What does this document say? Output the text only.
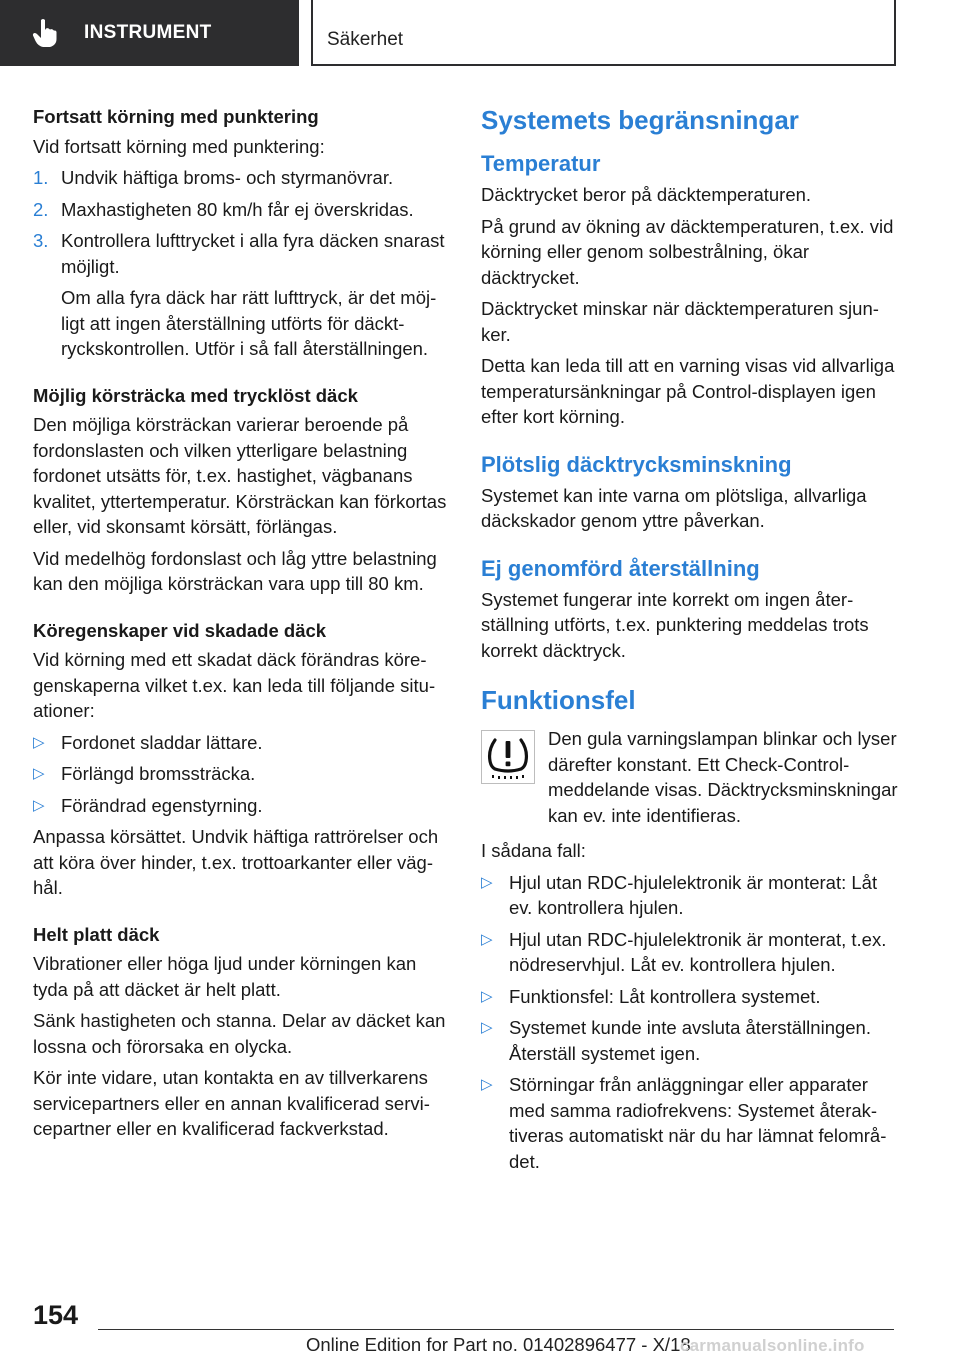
INSTRUMENT	Säkerhet
Fortsatt körning med punktering

Vid fortsatt körning med punktering:

1. Undvik häftiga broms- och styrmanövrar.
2. Maxhastigheten 80 km/h får ej överskridas.
3. Kontrollera lufttrycket i alla fyra däcken snarast möjligt.
Om alla fyra däck har rätt lufttryck, är det möjligt att ingen återställning utförts för däcktryckskontrollen. Utför i så fall återställningen.
Möjlig körsträcka med trycklöst däck

Den möjliga körsträckan varierar beroende på fordonslasten och vilken ytterligare belastning fordonet utsätts för, t.ex. hastighet, vägbanans kvalitet, yttertemperatur. Körsträckan kan förkortas eller, vid skonsamt körsätt, förlängas.

Vid medelhög fordonslast och låg yttre belastning kan den möjliga körsträckan vara upp till 80 km.

Köregenskaper vid skadade däck

Vid körning med ett skadat däck förändras köregenskaperna vilket t.ex. kan leda till följande situationer:

▷ Fordonet sladdar lättare.
▷ Förlängd bromssträcka.
▷ Förändrad egenstyrning.

Anpassa körsättet. Undvik häftiga rattrörelser och att köra över hinder, t.ex. trottoarkanter eller väghål.

Helt platt däck

Vibrationer eller höga ljud under körningen kan tyda på att däcket är helt platt.

Sänk hastigheten och stanna. Delar av däcket kan lossna och förorsaka en olycka.

Kör inte vidare, utan kontakta en av tillverkarens servicepartners eller en annan kvalificerad servicepartner eller en kvalificerad fackverkstad.

Systemets begränsningar
Temperatur

Däcktrycket beror på däcktemperaturen.

På grund av ökning av däcktemperaturen, t.ex. vid körning eller genom solbestrålning, ökar däcktrycket.

Däcktrycket minskar när däcktemperaturen sjunker.

Detta kan leda till att en varning visas vid allvarliga temperatursänkningar på Control-displayen igen efter kort körning.

Plötslig däcktrycksminskning

Systemet kan inte varna om plötsliga, allvarliga däckskador genom yttre påverkan.

Ej genomförd återställning

Systemet fungerar inte korrekt om ingen återställning utförts, t.ex. punktering meddelas trots korrekt däcktryck.

Funktionsfel

Den gula varningslampan blinkar och lyser därefter konstant. Ett Check-Control-meddelande visas. Däcktrycksminskningar kan ev. inte identifieras.

I sådana fall:

▷ Hjul utan RDC-hjulelektronik är monterat: Låt ev. kontrollera hjulen.
▷ Hjul utan RDC-hjulelektronik är monterat, t.ex. nödreservhjul. Låt ev. kontrollera hjulen.
▷ Funktionsfel: Låt kontrollera systemet.
▷ Systemet kunde inte avsluta återställningen. Återställ systemet igen.
▷ Störningar från anläggningar eller apparater med samma radiofrekvens: Systemet återaktiveras automatiskt när du har lämnat felområdet.
154
Online Edition for Part no. 01402896477 - X/18
carmanualsonline.info
